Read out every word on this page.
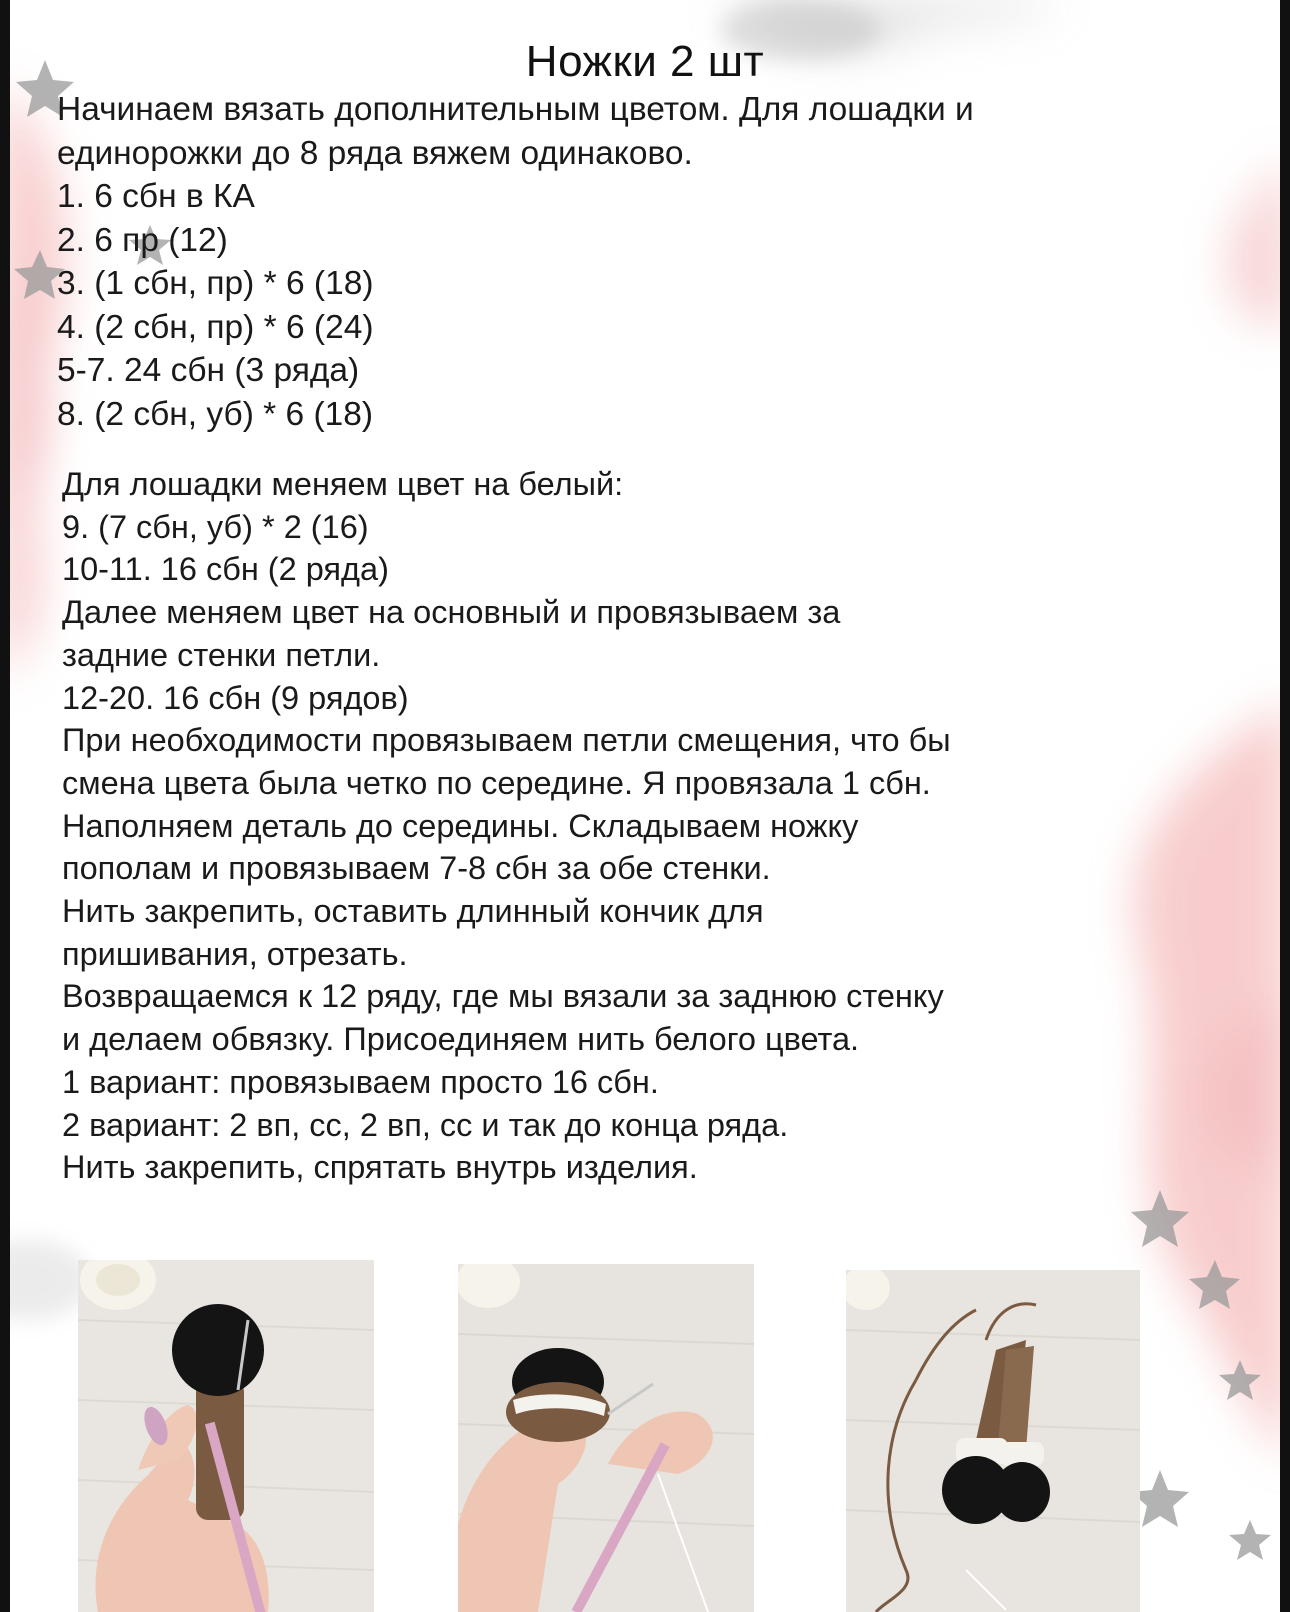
Ножки 2 шт
Начинаем вязать дополнительным цветом. Для лошадки и
единорожки до 8 ряда вяжем одинаково.
1. 6 сбн в КА
2. 6 пр (12)
3. (1 сбн, пр) * 6 (18)
4. (2 сбн, пр) * 6 (24)
5-7. 24 сбн (3 ряда)
8. (2 сбн, уб) * 6 (18)
Для лошадки меняем цвет на белый:
9. (7 сбн, уб) * 2 (16)
10-11. 16 сбн (2 ряда)
Далее меняем цвет на основный и провязываем за
задние стенки петли.
12-20. 16 сбн (9 рядов)
При необходимости провязываем петли смещения, что бы
смена цвета была четко по середине. Я провязала 1 сбн.
Наполняем деталь до середины. Складываем ножку
пополам и провязываем 7-8 сбн за обе стенки.
Нить закрепить, оставить длинный кончик для
пришивания, отрезать.
Возвращаемся к 12 ряду, где мы вязали за заднюю стенку
и делаем обвязку. Присоединяем нить белого цвета.
1 вариант: провязываем просто 16 сбн.
2 вариант: 2 вп, сс, 2 вп, сс и так до конца ряда.
Нить закрепить, спрятать внутрь изделия.
